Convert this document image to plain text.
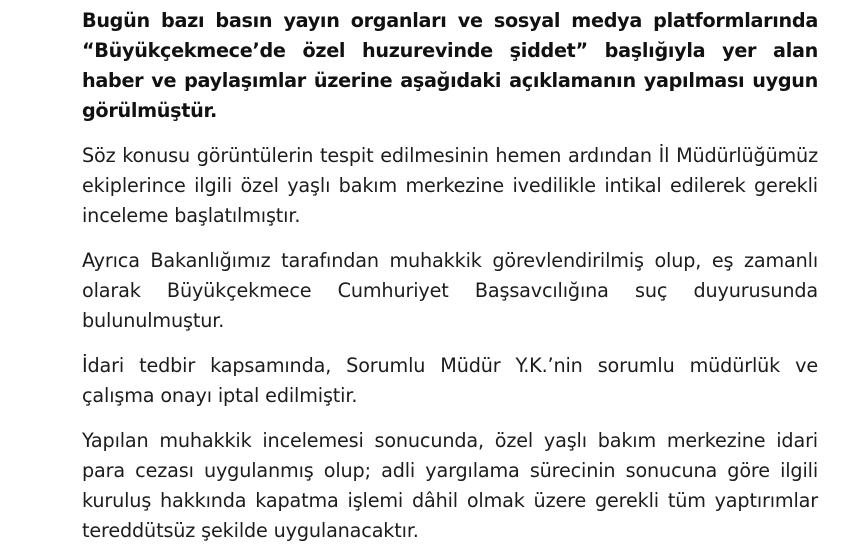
Bugün bazı basın yayın organları ve sosyal medya platformlarında “Büyükçekmece’de özel huzurevinde şiddet” başlığıyla yer alan haber ve paylaşımlar üzerine aşağıdaki açıklamanın yapılması uygun görülmüştür.

Söz konusu görüntülerin tespit edilmesinin hemen ardından İl Müdürlüğümüz ekiplerince ilgili özel yaşlı bakım merkezine ivedilikle intikal edilerek gerekli inceleme başlatılmıştır.

Ayrıca Bakanlığımız tarafından muhakkik görevlendirilmiş olup, eş zamanlı olarak Büyükçekmece Cumhuriyet Başsavcılığına suç duyurusunda bulunulmuştur.

İdari tedbir kapsamında, Sorumlu Müdür Y.K.’nin sorumlu müdürlük ve çalışma onayı iptal edilmiştir.

Yapılan muhakkik incelemesi sonucunda, özel yaşlı bakım merkezine idari para cezası uygulanmış olup; adli yargılama sürecinin sonucuna göre ilgili kuruluş hakkında kapatma işlemi dâhil olmak üzere gerekli tüm yaptırımlar tereddütsüz şekilde uygulanacaktır.
